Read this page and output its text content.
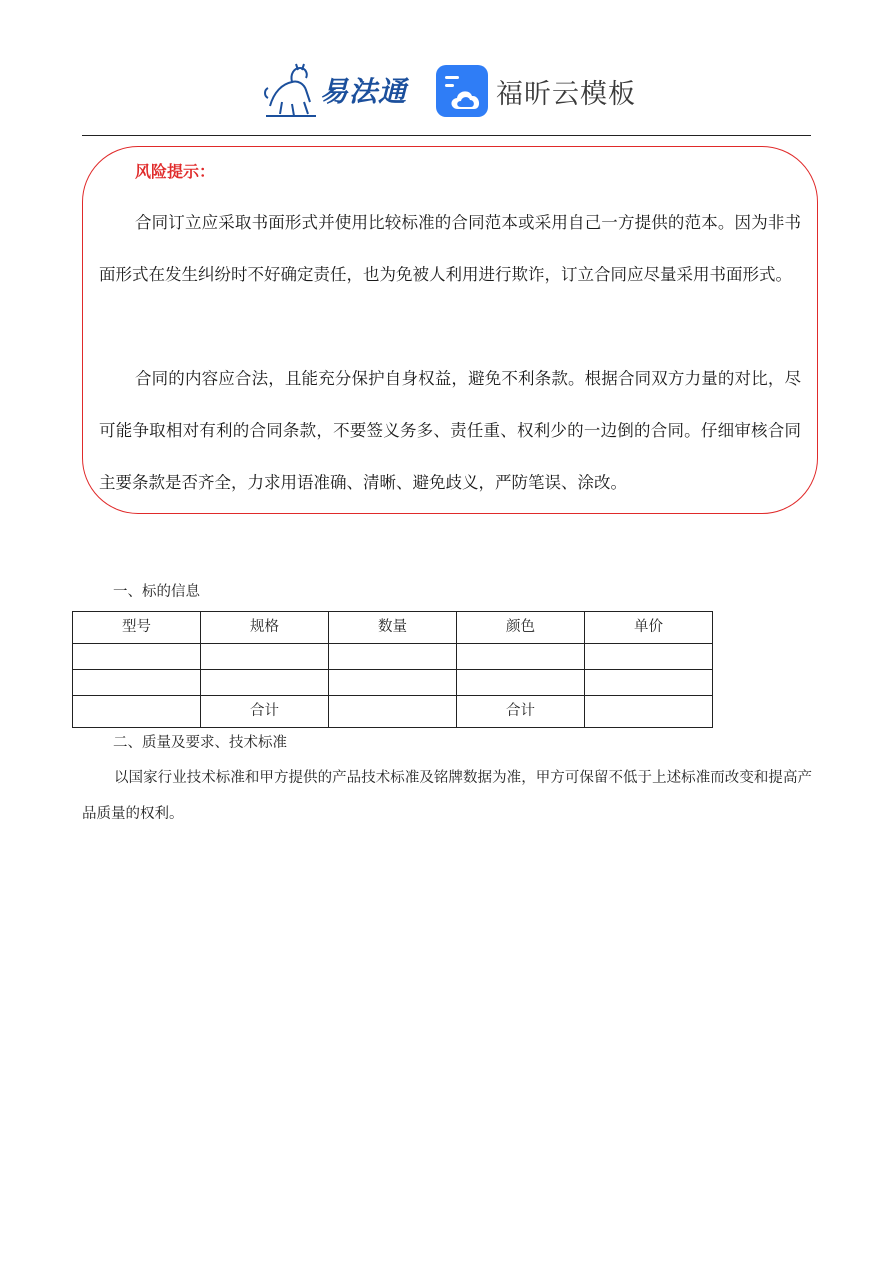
易法通	福昕云模板
风险提示：

合同订立应采取书面形式并使用比较标准的合同范本或采用自己一方提供的范本。因为非书面形式在发生纠纷时不好确定责任，也为免被人利用进行欺诈，订立合同应尽量采用书面形式。

合同的内容应合法，且能充分保护自身权益，避免不利条款。根据合同双方力量的对比，尽可能争取相对有利的合同条款，不要签义务多、责任重、权利少的一边倒的合同。仔细审核合同主要条款是否齐全，力求用语准确、清晰、避免歧义，严防笔误、涂改。

一、标的信息
型号	规格	数量	颜色	单价

	合计		合计	
二、质量及要求、技术标准

以国家行业技术标准和甲方提供的产品技术标准及铭牌数据为准，甲方可保留不低于上述标准而改变和提高产品质量的权利。
